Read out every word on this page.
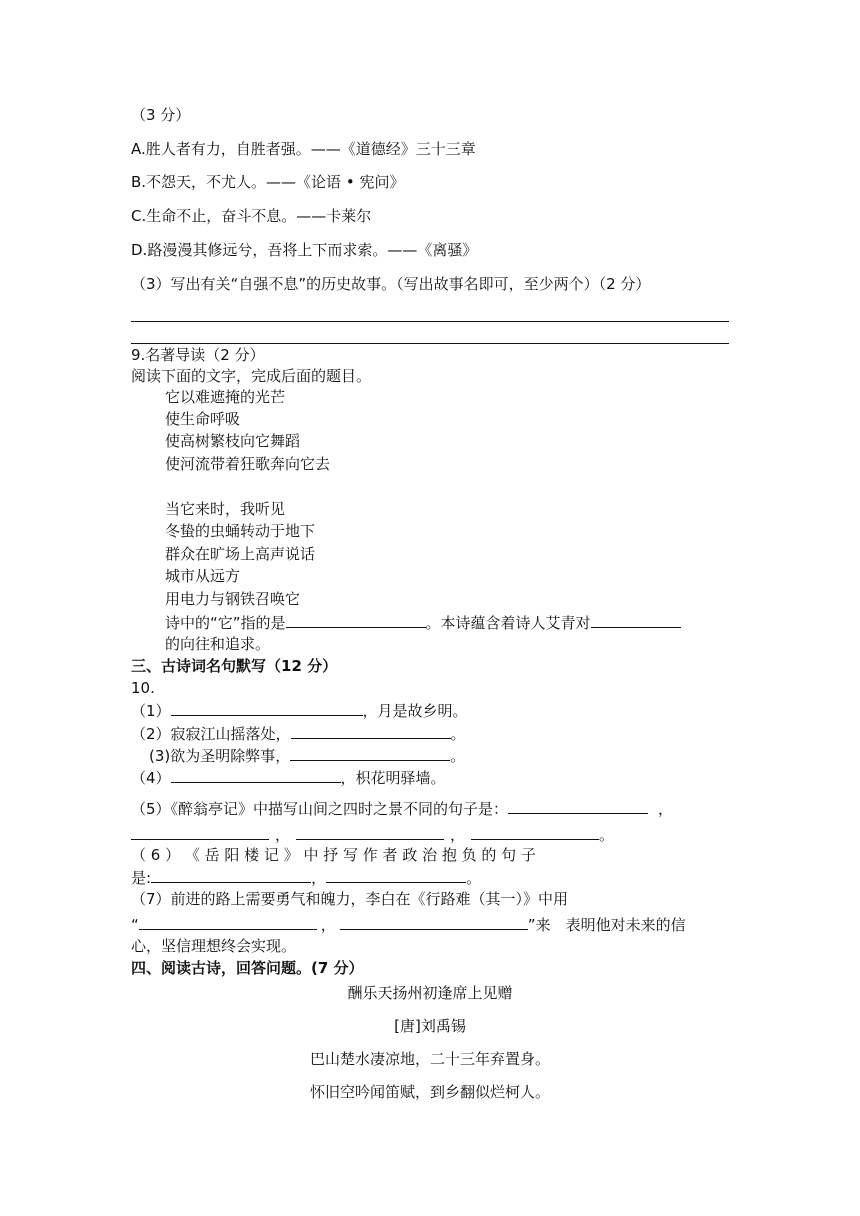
（3 分）
A.胜人者有力，自胜者强。——《道德经》三十三章
B.不怨天，不尤人。——《论语 • 宪问》
C.生命不止，奋斗不息。——卡莱尔
D.路漫漫其修远兮，吾将上下而求索。——《离骚》
（3）写出有关“自强不息”的历史故事。（写出故事名即可，至少两个）（2 分）
9.名著导读（2 分）
阅读下面的文字，完成后面的题目。
它以难遮掩的光芒
使生命呼吸
使高树繁枝向它舞蹈
使河流带着狂歌奔向它去
当它来时，我听见
冬蛰的虫蛹转动于地下
群众在旷场上高声说话
城市从远方
用电力与钢铁召唤它
诗中的“它”指的是	。本诗蕴含着诗人艾青对
的向往和追求。
三、古诗词名句默写（12 分）
10.
（1）	，月是故乡明。
（2）寂寂江山摇落处，	。
(3)欲为圣明除弊事，	。
（4）	，枳花明驿墙。
（5）《醉翁亭记》中描写山间之四时之景不同的句子是：	，
，	，	。
（ 6 ） 《 岳 阳 楼 记 》 中 抒 写 作 者 政 治 抱 负 的 句 子
是:	，	。
（7）前进的路上需要勇气和魄力，李白在《行路难（其一）》中用
“	，	”来　表明他对未来的信
心，坚信理想终会实现。
四、阅读古诗，回答问题。(7 分）
酬乐天扬州初逢席上见赠
[唐]刘禹锡
巴山楚水凄凉地，二十三年弃置身。
怀旧空吟闻笛赋，到乡翻似烂柯人。
